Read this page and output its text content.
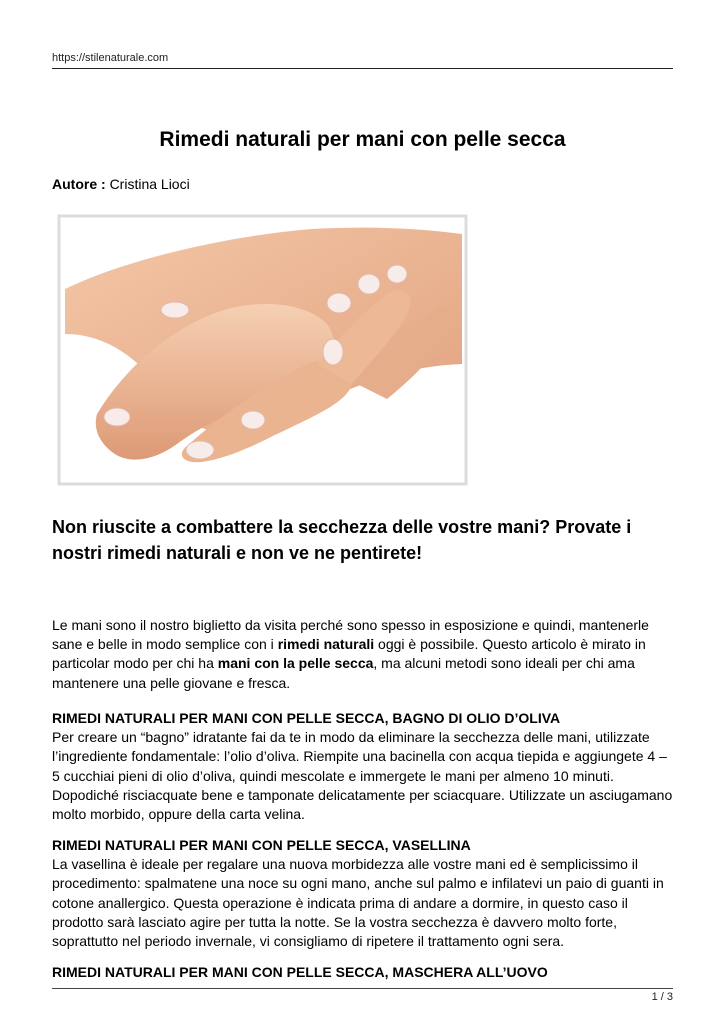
https://stilenaturale.com
Rimedi naturali per mani con pelle secca
Autore : Cristina Lioci
Non riuscite a combattere la secchezza delle vostre mani? Provate i nostri rimedi naturali e non ve ne pentirete!

Le mani sono il nostro biglietto da visita perché sono spesso in esposizione e quindi, mantenerle sane e belle in modo semplice con i rimedi naturali oggi è possibile. Questo articolo è mirato in particolar modo per chi ha mani con la pelle secca, ma alcuni metodi sono ideali per chi ama mantenere una pelle giovane e fresca.

RIMEDI NATURALI PER MANI CON PELLE SECCA, BAGNO DI OLIO D’OLIVA

Per creare un “bagno” idratante fai da te in modo da eliminare la secchezza delle mani, utilizzate l’ingrediente fondamentale: l’olio d’oliva. Riempite una bacinella con acqua tiepida e aggiungete 4 – 5 cucchiai pieni di olio d’oliva, quindi mescolate e immergete le mani per almeno 10 minuti. Dopodiché risciacquate bene e tamponate delicatamente per sciacquare. Utilizzate un asciugamano molto morbido, oppure della carta velina.

RIMEDI NATURALI PER MANI CON PELLE SECCA, VASELLINA

La vasellina è ideale per regalare una nuova morbidezza alle vostre mani ed è semplicissimo il procedimento: spalmatene una noce su ogni mano, anche sul palmo e infilatevi un paio di guanti in cotone anallergico. Questa operazione è indicata prima di andare a dormire, in questo caso il prodotto sarà lasciato agire per tutta la notte. Se la vostra secchezza è davvero molto forte, soprattutto nel periodo invernale, vi consigliamo di ripetere il trattamento ogni sera.

RIMEDI NATURALI PER MANI CON PELLE SECCA, MASCHERA ALL’UOVO
1 / 3
